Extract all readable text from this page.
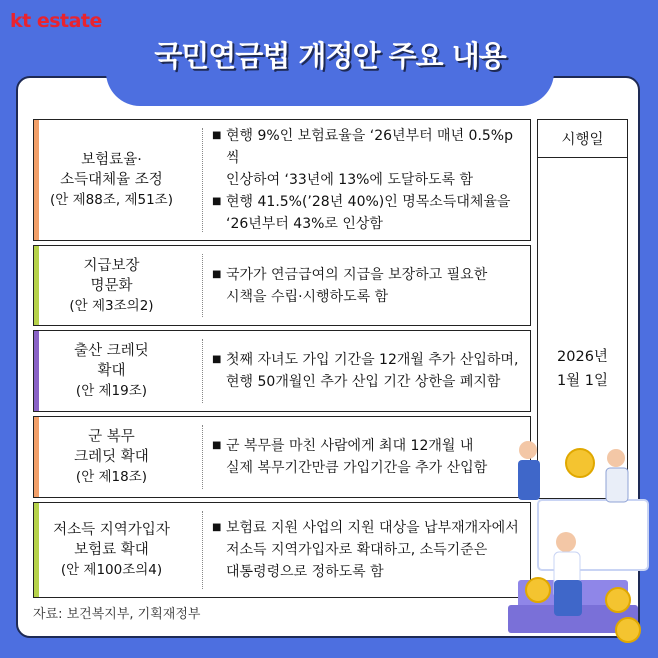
kt estate
국민연금법 개정안 주요 내용
보험료율·
소득대체율 조정
(안 제88조, 제51조)
■ 현행 9%인 보험료율을 ‘26년부터 매년 0.5%p씩
인상하여 ‘33년에 13%에 도달하도록 함
■ 현행 41.5%(’28년 40%)인 명목소득대체율을
‘26년부터 43%로 인상함
지급보장
명문화
(안 제3조의2)
■ 국가가 연금급여의 지급을 보장하고 필요한
시책을 수립·시행하도록 함
출산 크레딧
확대
(안 제19조)
■ 첫째 자녀도 가입 기간을 12개월 추가 산입하며,
현행 50개월인 추가 산입 기간 상한을 폐지함
군 복무
크레딧 확대
(안 제18조)
■ 군 복무를 마친 사람에게 최대 12개월 내
실제 복무기간만큼 가입기간을 추가 산입함
저소득 지역가입자
보험료 확대
(안 제100조의4)
■ 보험료 지원 사업의 지원 대상을 납부재개자에서
저소득 지역가입자로 확대하고, 소득기준은
대통령령으로 정하도록 함
시행일
2026년
1월 1일
자료: 보건복지부, 기획재정부
